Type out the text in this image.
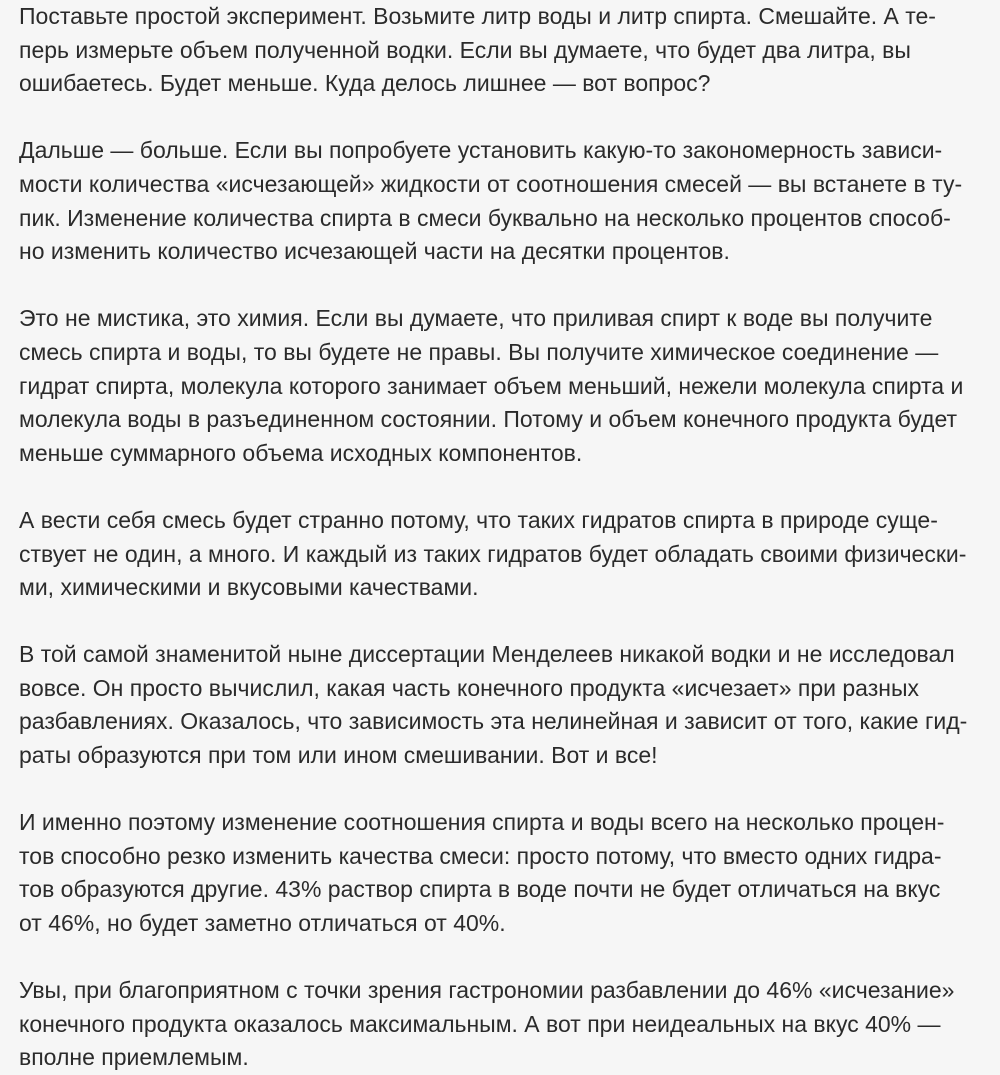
Поставьте простой эксперимент. Возьмите литр воды и литр спирта. Смешайте. А те-
перь измерьте объем полученной водки. Если вы думаете, что будет два литра, вы
ошибаетесь. Будет меньше. Куда делось лишнее — вот вопрос?

Дальше — больше. Если вы попробуете установить какую-то закономерность зависи-
мости количества «исчезающей» жидкости от соотношения смесей — вы встанете в ту-
пик. Изменение количества спирта в смеси буквально на несколько процентов способ-
но изменить количество исчезающей части на десятки процентов.

Это не мистика, это химия. Если вы думаете, что приливая спирт к воде вы получите
смесь спирта и воды, то вы будете не правы. Вы получите химическое соединение —
гидрат спирта, молекула которого занимает объем меньший, нежели молекула спирта и
молекула воды в разъединенном состоянии. Потому и объем конечного продукта будет
меньше суммарного объема исходных компонентов.

А вести себя смесь будет странно потому, что таких гидратов спирта в природе суще-
ствует не один, а много. И каждый из таких гидратов будет обладать своими физически-
ми, химическими и вкусовыми качествами.

В той самой знаменитой ныне диссертации Менделеев никакой водки и не исследовал
вовсе. Он просто вычислил, какая часть конечного продукта «исчезает» при разных
разбавлениях. Оказалось, что зависимость эта нелинейная и зависит от того, какие гид-
раты образуются при том или ином смешивании. Вот и все!

И именно поэтому изменение соотношения спирта и воды всего на несколько процен-
тов способно резко изменить качества смеси: просто потому, что вместо одних гидра-
тов образуются другие. 43% раствор спирта в воде почти не будет отличаться на вкус
от 46%, но будет заметно отличаться от 40%.

Увы, при благоприятном с точки зрения гастрономии разбавлении до 46% «исчезание»
конечного продукта оказалось максимальным. А вот при неидеальных на вкус 40% —
вполне приемлемым.
